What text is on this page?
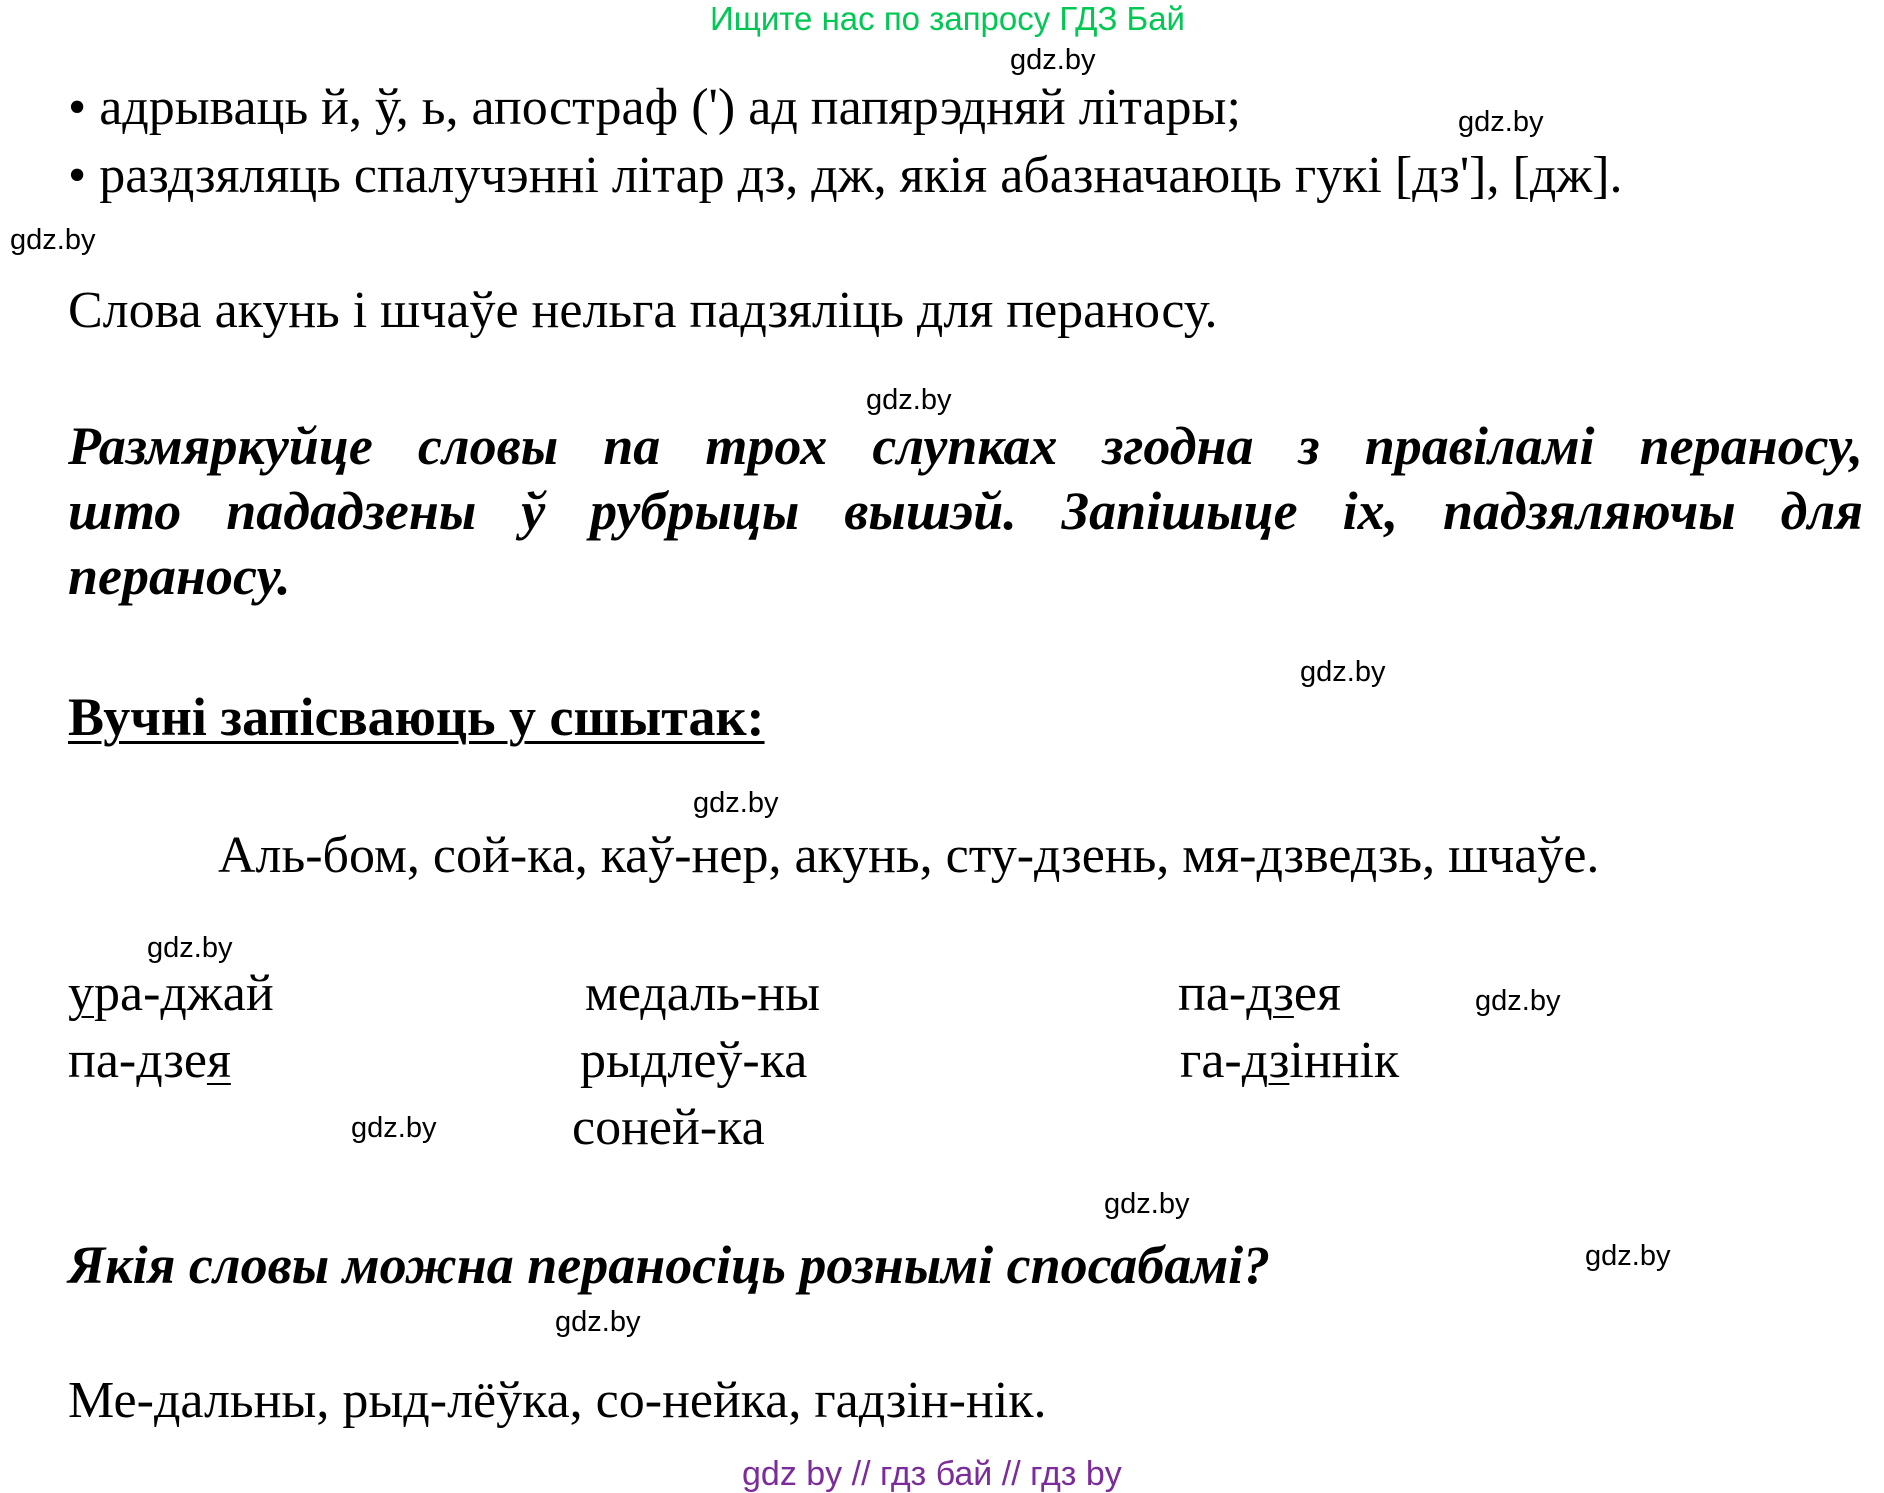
Ищите нас по запросу ГДЗ Бай
gdz.by
gdz.by
gdz.by
gdz.by
gdz.by
gdz.by
gdz.by
gdz.by
gdz.by
gdz.by
gdz.by
gdz.by
• адрываць й, ў, ь, апостраф (') ад папярэдняй літары;
• раздзяляць спалучэнні літар дз, дж, якія абазначаюць гукі [дз'], [дж].
Слова акунь і шчаўе нельга падзяліць для пераносу.
Размяркуйце словы па трох слупках згодна з правіламі пераносу,
што пададзены ў рубрыцы вышэй. Запішыце іх, падзяляючы для
пераносу.
Вучні запісваюць у сшытак:
Аль-бом, сой-ка, каў-нер, акунь, сту-дзень, мя-дзведзь, шчаўе.
ура-джай
па-дзея
медаль-ны
рыдлеў-ка
соней-ка
па-дзея
га-дзіннік
Якія словы можна пераносіць рознымі спосабамі?
Ме-дальны, рыд-лёўка, со-нейка, гадзін-нік.
gdz by // гдз бай // гдз by
